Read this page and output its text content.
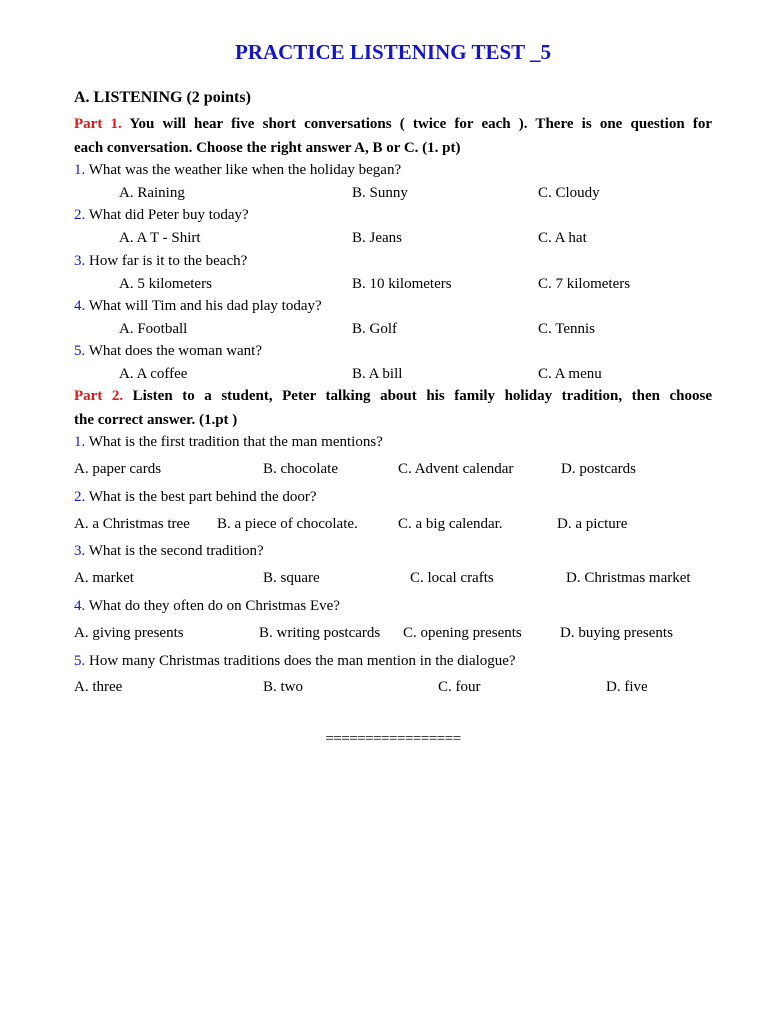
PRACTICE LISTENING TEST _5
A. LISTENING (2 points)
Part 1. You will hear five short conversations ( twice for each ). There is one question for
each conversation. Choose the right answer A, B or C. (1. pt)
1. What was the weather like when the holiday began?
A. Raining	B. Sunny	C. Cloudy
2. What did Peter buy today?
A. A T - Shirt	B. Jeans	C. A hat
3. How far is it to the beach?
A. 5 kilometers	B. 10 kilometers	C. 7 kilometers
4. What will Tim and his dad play today?
A. Football	B. Golf	C. Tennis
5. What does the woman want?
A. A coffee	B. A bill	C. A menu
Part 2. Listen to a student, Peter talking about his family holiday tradition, then choose
the correct answer. (1.pt )
1. What is the first tradition that the man mentions?
A. paper cards	B. chocolate	C. Advent calendar	D. postcards
2. What is the best part behind the door?
A. a Christmas tree B. a piece of chocolate.	C. a big calendar.	D. a picture
3. What is the second tradition?
A. market	B. square	C. local crafts	D. Christmas market
4. What do they often do on Christmas Eve?
A. giving presents	B. writing postcards C. opening presents	D. buying presents
5. How many Christmas traditions does the man mention in the dialogue?
A. three	B. two	C. four	D. five
=================
